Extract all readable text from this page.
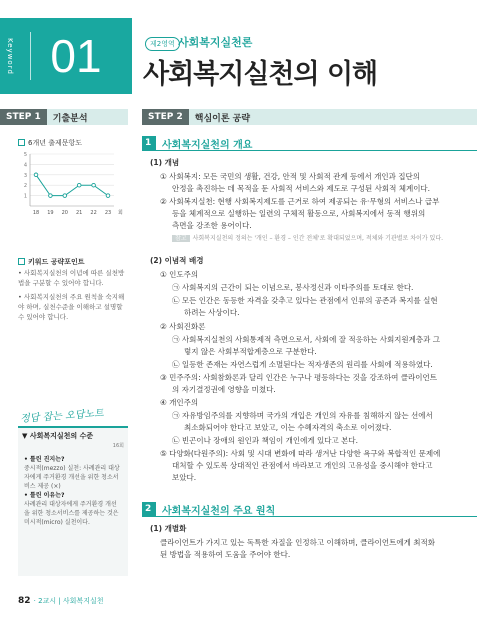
Keyword 01	제2영역 사회복지실천론
사회복지실천의 이해
STEP 1	기출분석	STEP 2	핵심이론 공략
6개년 출제문항도
1
2
3
4
5
18 19 20 21 22 23 회
키워드 공략포인트
• 사회복지실천의 이념에 따른 실천방법을 구분할 수 있어야 합니다.
• 사회복지실천의 주요 원칙을 숙지해야 하며, 실천수준을 이해하고 설명할 수 있어야 합니다.
정답 잡는 오답노트
▼ 사회복지실천의 수준
16회
• 틀린 진지는?
중시적(mezzo) 실천: 사례관리 대상자에게 주거환경 개선을 위한 청소서비스 제공 (×)
• 틀린 이유는?
사례관리 대상자에게 주거환경 개선을 위한 청소서비스를 제공하는 것은 미시적(micro) 실천이다.
1 사회복지실천의 개요
(1) 개념
① 사회복지: 모든 국민의 생활, 건강, 안적 및 사회적 관계 등에서 개인과 집단의
안정을 촉진하는 데 목적을 둔 사회적 서비스와 제도로 구성된 사회적 체계이다.
② 사회복지실천: 현행 사회복지제도를 근거로 하여 제공되는 유·무형의 서비스나 급부
등을 체계적으로 실행하는 일련의 구체적 활동으로, 사회복지에서 동적 행위의
측면을 강조한 용어이다.
참고 사회복지실천의 정의는 '개인 – 환경 – 인간 전체'로 확대되었으며, 적체와 기관별로 차이가 있다.
(2) 이념적 배경
① 인도주의
㉠ 사회복지의 근간이 되는 이념으로, 봉사정신과 이타주의를 토대로 한다.
㉡ 모든 인간은 동등한 자격을 갖추고 있다는 관점에서 인류의 공존과 복지를 실현
하려는 사상이다.
② 사회진화론
㉠ 사회복지실천의 사회통제적 측면으로서, 사회에 잘 적응하는 사회지원계층과 그
렇지 않은 사회부적합계층으로 구분한다.
㉡ 일등한 존재는 자연스럽게 소멸된다는 적자생존의 원리를 사회에 적용하였다.
③ 민주주의: 사회참화론과 달리 인간은 누구나 평등하다는 것을 강조하여 클라이언트
의 자기결정권에 영향을 미쳤다.
④ 개인주의
㉠ 자유방임주의를 지향하며 국가의 개입은 개인의 자유를 침해하지 않는 선에서
최소화되어야 한다고 보았고, 이는 수혜자격의 축소로 이어졌다.
㉡ 빈곤이나 장애의 원인과 책임이 개인에게 있다고 본다.
⑤ 다양화(다원주의): 사회 및 시대 변화에 따라 생겨난 다양한 욕구와 복합적인 문제에
대처할 수 있도록 상대적인 관점에서 바라보고 개인의 고유성을 중시해야 한다고
보았다.
2 사회복지실천의 주요 원칙
(1) 개별화
클라이언트가 가지고 있는 독특한 자질을 인정하고 이해하며, 클라이언트에게 최적화
된 방법을 적용하여 도움을 주어야 한다.
82 · 2교시 | 사회복지실천
